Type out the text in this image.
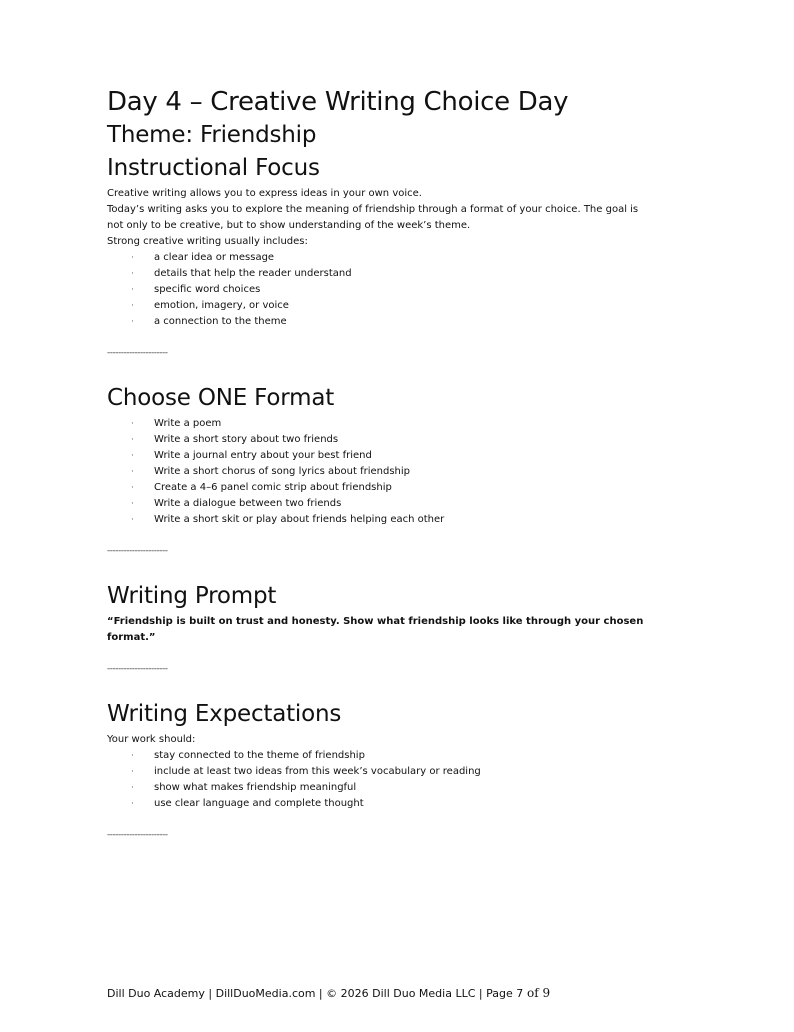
Day 4 – Creative Writing Choice Day
Theme: Friendship
Instructional Focus

Creative writing allows you to express ideas in your own voice.

Today’s writing asks you to explore the meaning of friendship through a format of your choice. The goal is

not only to be creative, but to show understanding of the week’s theme.

Strong creative writing usually includes:

· a clear idea or message
· details that help the reader understand
· specific word choices
· emotion, imagery, or voice
· a connection to the theme
----------------------
Choose ONE Format
· Write a poem
· Write a short story about two friends
· Write a journal entry about your best friend
· Write a short chorus of song lyrics about friendship
· Create a 4–6 panel comic strip about friendship
· Write a dialogue between two friends
· Write a short skit or play about friends helping each other
----------------------
Writing Prompt

“Friendship is built on trust and honesty. Show what friendship looks like through your chosen

format.”

----------------------
Writing Expectations

Your work should:

· stay connected to the theme of friendship
· include at least two ideas from this week’s vocabulary or reading
· show what makes friendship meaningful
· use clear language and complete thought
----------------------
Dill Duo Academy | DillDuoMedia.com | © 2026 Dill Duo Media LLC | Page 7 of 9
